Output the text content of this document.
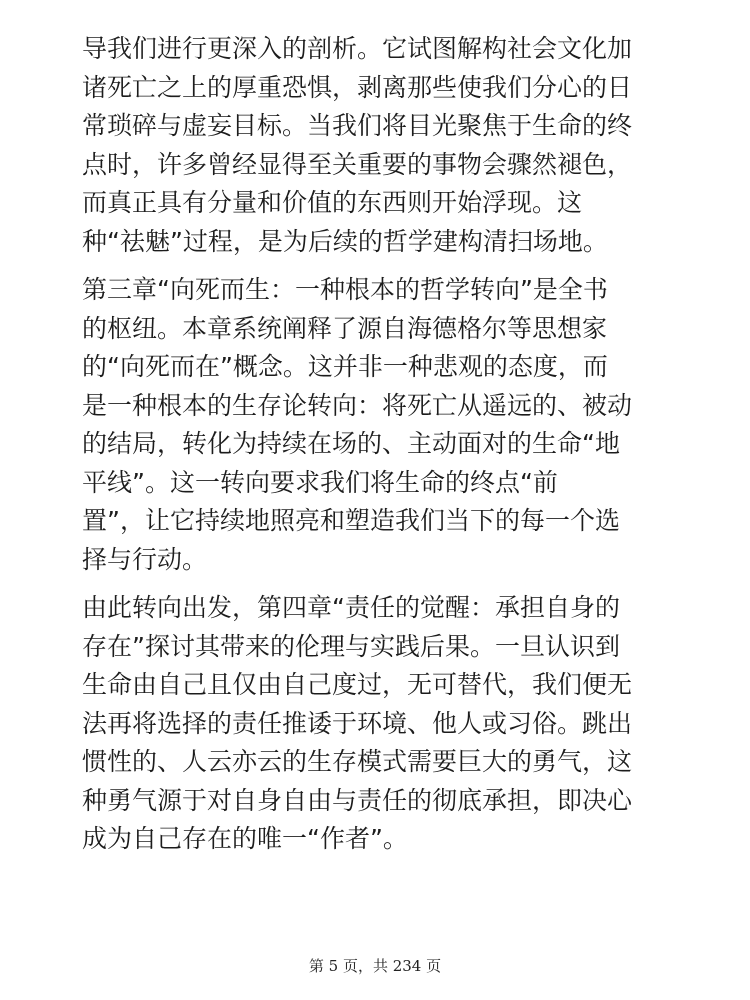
导我们进行更深入的剖析。它试图解构社会文化加
诸死亡之上的厚重恐惧，剥离那些使我们分心的日
常琐碎与虚妄目标。当我们将目光聚焦于生命的终
点时，许多曾经显得至关重要的事物会骤然褪色，
而真正具有分量和价值的东西则开始浮现。这
种“祛魅”过程，是为后续的哲学建构清扫场地。
第三章“向死而生：一种根本的哲学转向”是全书
的枢纽。本章系统阐释了源自海德格尔等思想家
的“向死而在”概念。这并非一种悲观的态度，而
是一种根本的生存论转向：将死亡从遥远的、被动
的结局，转化为持续在场的、主动面对的生命“地
平线”。这一转向要求我们将生命的终点“前
置”，让它持续地照亮和塑造我们当下的每一个选
择与行动。
由此转向出发，第四章“责任的觉醒：承担自身的
存在”探讨其带来的伦理与实践后果。一旦认识到
生命由自己且仅由自己度过，无可替代，我们便无
法再将选择的责任推诿于环境、他人或习俗。跳出
惯性的、人云亦云的生存模式需要巨大的勇气，这
种勇气源于对自身自由与责任的彻底承担，即决心
成为自己存在的唯一“作者”。
第 5 页，共 234 页
